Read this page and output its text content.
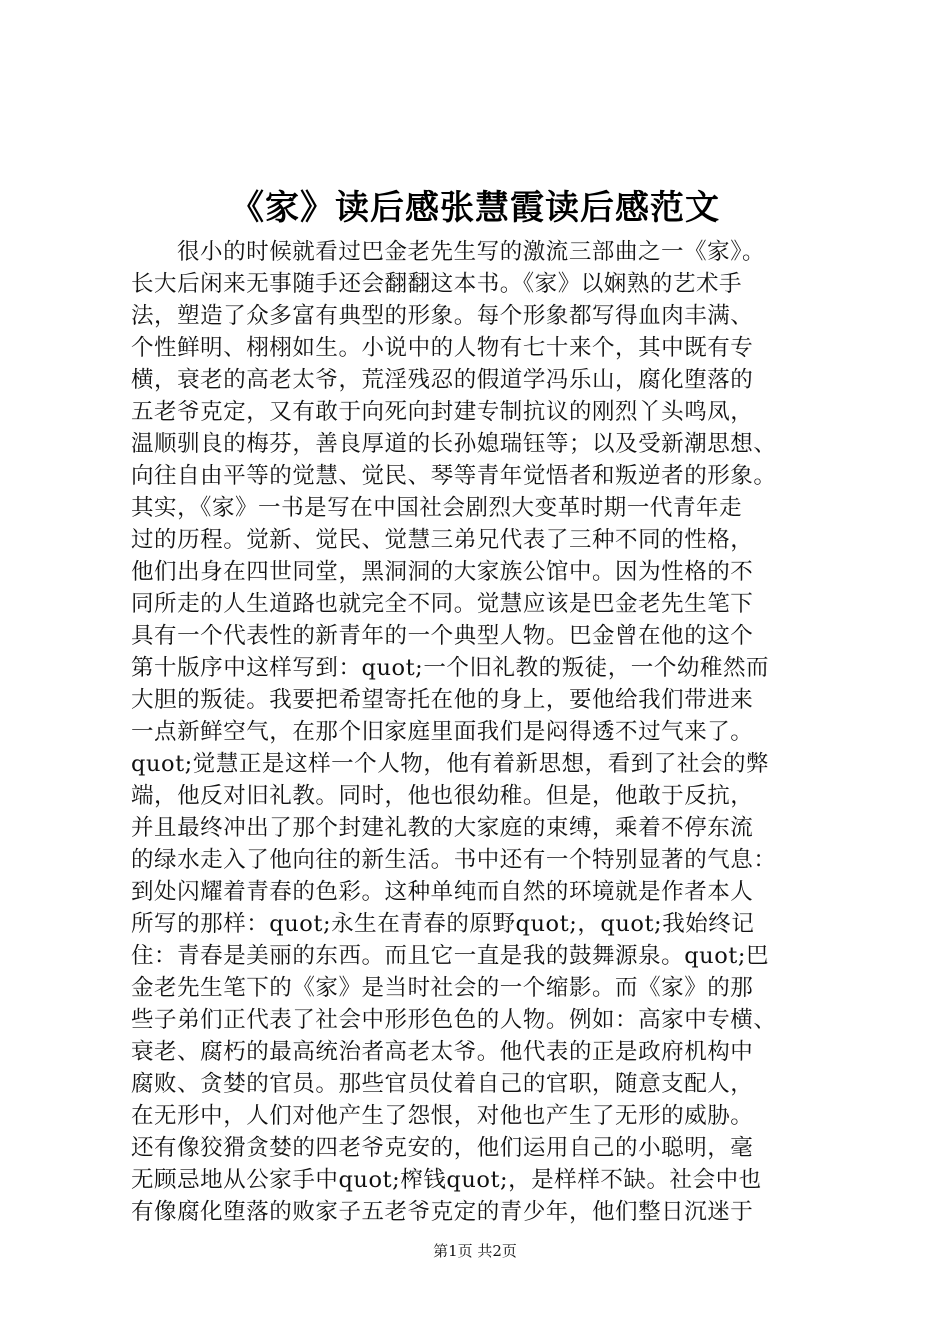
《家》读后感张慧霞读后感范文
很小的时候就看过巴金老先生写的激流三部曲之一《家》。
长大后闲来无事随手还会翻翻这本书。《家》以娴熟的艺术手
法，塑造了众多富有典型的形象。每个形象都写得血肉丰满、
个性鲜明、栩栩如生。小说中的人物有七十来个，其中既有专
横，衰老的高老太爷，荒淫残忍的假道学冯乐山，腐化堕落的
五老爷克定，又有敢于向死向封建专制抗议的刚烈丫头鸣凤，
温顺驯良的梅芬，善良厚道的长孙媳瑞钰等；以及受新潮思想、
向往自由平等的觉慧、觉民、琴等青年觉悟者和叛逆者的形象。
其实，《家》一书是写在中国社会剧烈大变革时期一代青年走
过的历程。觉新、觉民、觉慧三弟兄代表了三种不同的性格，
他们出身在四世同堂，黑洞洞的大家族公馆中。因为性格的不
同所走的人生道路也就完全不同。觉慧应该是巴金老先生笔下
具有一个代表性的新青年的一个典型人物。巴金曾在他的这个
第十版序中这样写到：quot;一个旧礼教的叛徒，一个幼稚然而
大胆的叛徒。我要把希望寄托在他的身上，要他给我们带进来
一点新鲜空气，在那个旧家庭里面我们是闷得透不过气来了。
quot;觉慧正是这样一个人物，他有着新思想，看到了社会的弊
端，他反对旧礼教。同时，他也很幼稚。但是，他敢于反抗，
并且最终冲出了那个封建礼教的大家庭的束缚，乘着不停东流
的绿水走入了他向往的新生活。书中还有一个特别显著的气息：
到处闪耀着青春的色彩。这种单纯而自然的环境就是作者本人
所写的那样：quot;永生在青春的原野quot;，quot;我始终记
住：青春是美丽的东西。而且它一直是我的鼓舞源泉。quot;巴
金老先生笔下的《家》是当时社会的一个缩影。而《家》的那
些子弟们正代表了社会中形形色色的人物。例如：高家中专横、
衰老、腐朽的最高统治者高老太爷。他代表的正是政府机构中
腐败、贪婪的官员。那些官员仗着自己的官职，随意支配人，
在无形中，人们对他产生了怨恨，对他也产生了无形的威胁。
还有像狡猾贪婪的四老爷克安的，他们运用自己的小聪明，毫
无顾忌地从公家手中quot;榨钱quot;，是样样不缺。社会中也
有像腐化堕落的败家子五老爷克定的青少年，他们整日沉迷于
第1页 共2页
